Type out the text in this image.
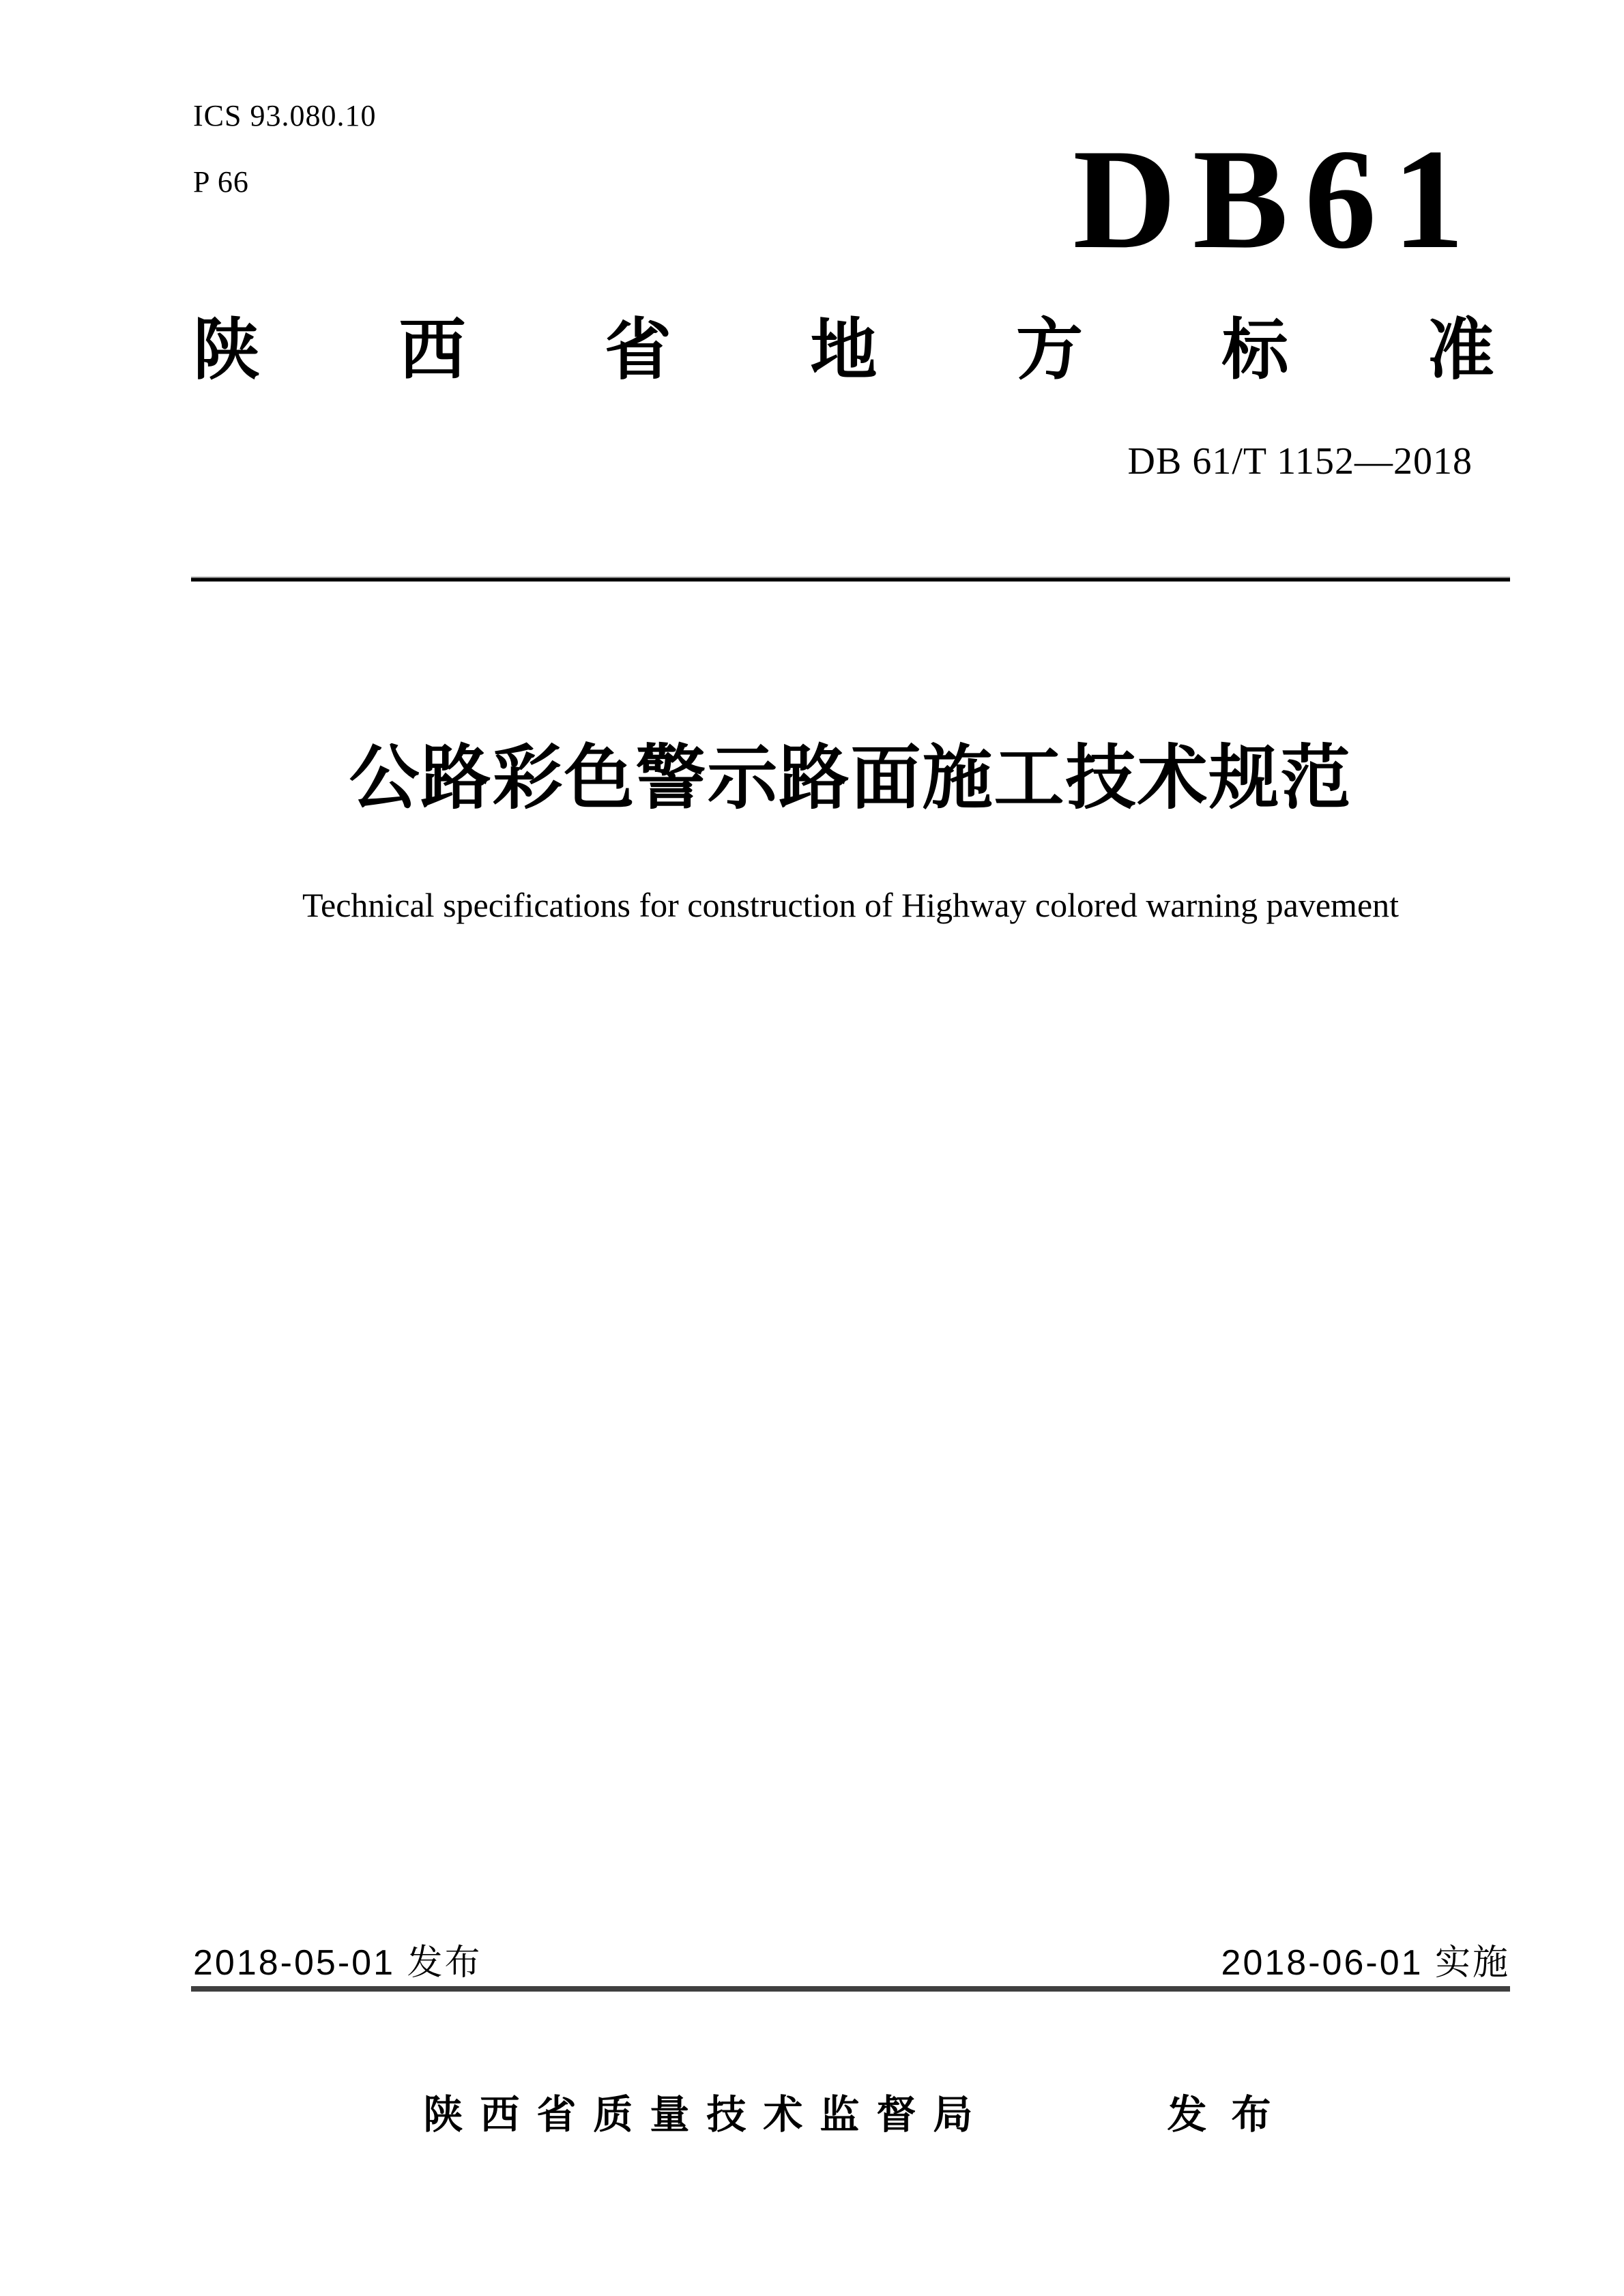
ICS 93.080.10
P 66	DB61
陕 西 省 地 方 标 准
DB 61/T 1152—2018
公路彩色警示路面施工技术规范
Technical specifications for construction of Highway colored warning pavement
2018-05-01 发布	2018-06-01 实施
陕西省质量技术监督局	发 布
